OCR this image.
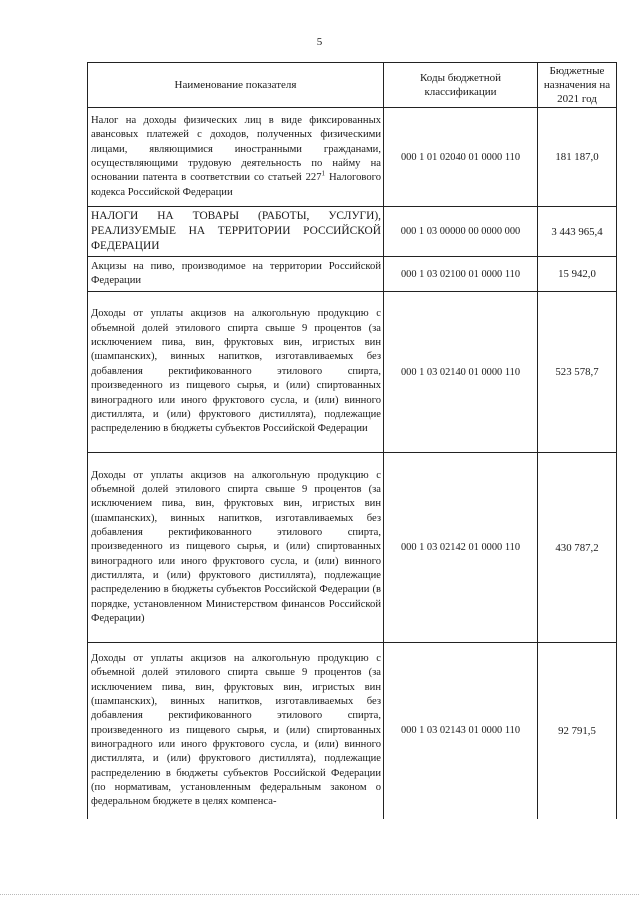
5
Наименование показателя	Коды бюджетной классификации	Бюджетные назначения на 2021 год
Налог на доходы физических лиц в виде фиксированных авансовых платежей с доходов, полученных физическими лицами, являющимися иностранными гражданами, осуществляющими трудовую деятельность по найму на основании патента в соответствии со статьей $227^1$ Налогового кодекса Российской Федерации	000 1 01 02040 01 0000 110	181 187,0
НАЛОГИ НА ТОВАРЫ (РАБОТЫ, УСЛУГИ), РЕАЛИЗУЕМЫЕ НА ТЕРРИТОРИИ РОССИЙСКОЙ ФЕДЕРАЦИИ	000 1 03 00000 00 0000 000	3 443 965,4
Акцизы на пиво, производимое на территории Российской Федерации	000 1 03 02100 01 0000 110	15 942,0
Доходы от уплаты акцизов на алкогольную продукцию с объемной долей этилового спирта свыше 9 процентов (за исключением пива, вин, фруктовых вин, игристых вин (шампанских), винных напитков, изготавливаемых без добавления ректификованного этилового спирта, произведенного из пищевого сырья, и (или) спиртованных виноградного или иного фруктового сусла, и (или) винного дистиллята, и (или) фруктового дистиллята), подлежащие распределению в бюджеты субъектов Российской Федерации	000 1 03 02140 01 0000 110	523 578,7
Доходы от уплаты акцизов на алкогольную продукцию с объемной долей этилового спирта свыше 9 процентов (за исключением пива, вин, фруктовых вин, игристых вин (шампанских), винных напитков, изготавливаемых без добавления ректификованного этилового спирта, произведенного из пищевого сырья, и (или) спиртованных виноградного или иного фруктового сусла, и (или) винного дистиллята, и (или) фруктового дистиллята), подлежащие распределению в бюджеты субъектов Российской Федерации (в порядке, установленном Министерством финансов Российской Федерации)	000 1 03 02142 01 0000 110	430 787,2
Доходы от уплаты акцизов на алкогольную продукцию с объемной долей этилового спирта свыше 9 процентов (за исключением пива, вин, фруктовых вин, игристых вин (шампанских), винных напитков, изготавливаемых без добавления ректификованного этилового спирта, произведенного из пищевого сырья, и (или) спиртованных виноградного или иного фруктового сусла, и (или) винного дистиллята, и (или) фруктового дистиллята), подлежащие распределению в бюджеты субъектов Российской Федерации (по нормативам, установленным федеральным законом о федеральном бюджете в целях компенса-	000 1 03 02143 01 0000 110	92 791,5
